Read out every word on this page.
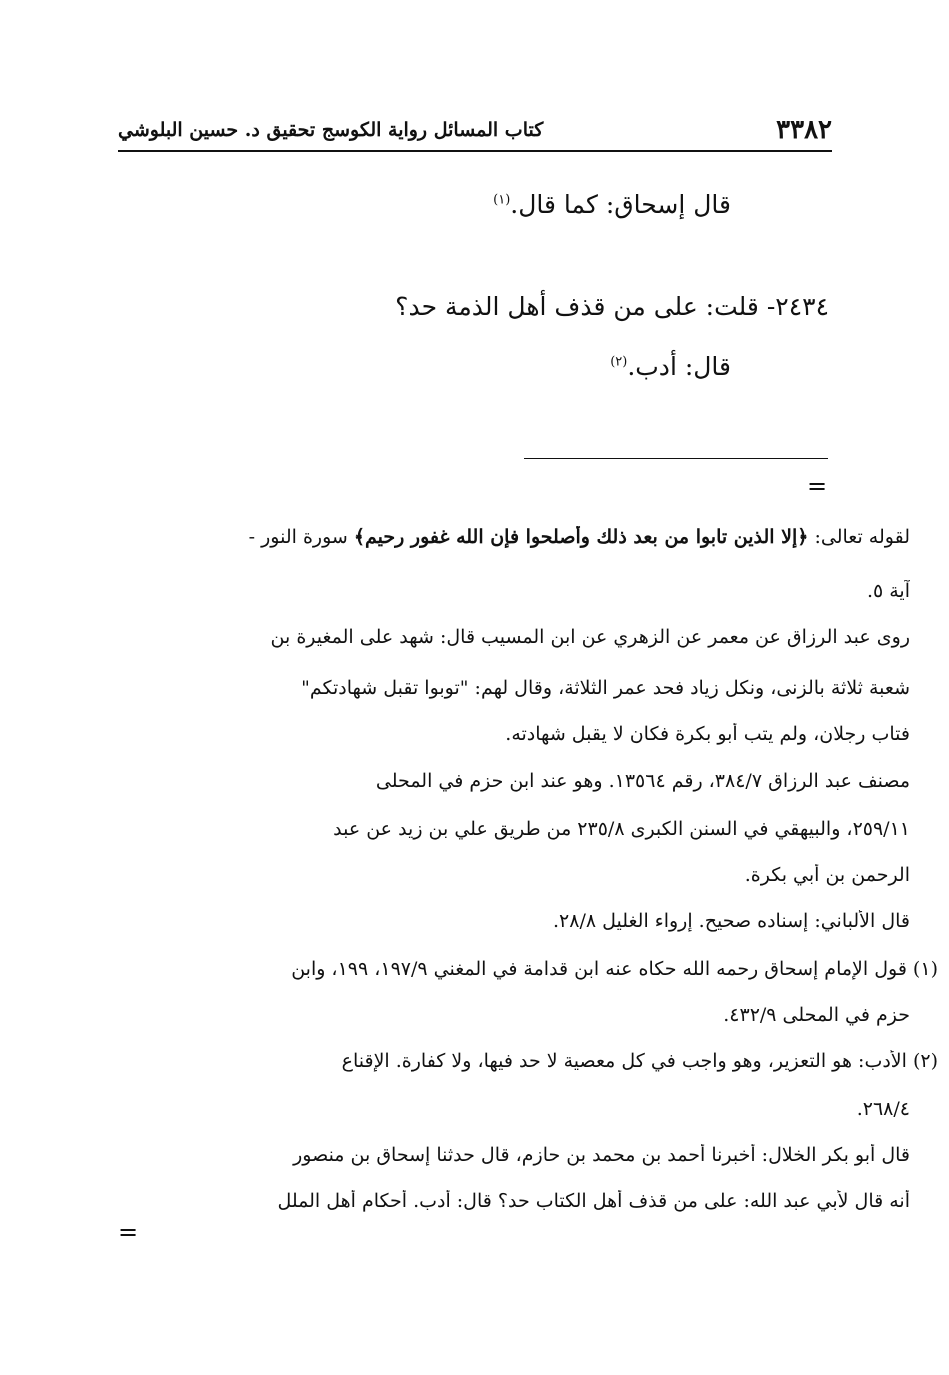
٣٣٨٢
كتاب المسائل رواية الكوسج تحقيق د. حسين البلوشي
قال إسحاق: كما قال.$^{(١)}$
٢٤٣٤- قلت: على من قذف أهل الذمة حد؟
قال: أدب.$^{(٢)}$
=
لقوله تعالى: ﴿إلا الذين تابوا من بعد ذلك وأصلحوا فإن الله غفور رحيم﴾ سورة النور -
آية ٥.
روى عبد الرزاق عن معمر عن الزهري عن ابن المسيب قال: شهد على المغيرة بن
شعبة ثلاثة بالزنى، ونكل زياد فحد عمر الثلاثة، وقال لهم: "توبوا تقبل شهادتكم"
فتاب رجلان، ولم يتب أبو بكرة فكان لا يقبل شهادته.
مصنف عبد الرزاق ٣٨٤/٧، رقم ١٣٥٦٤. وهو عند ابن حزم في المحلى
٢٥٩/١١، والبيهقي في السنن الكبرى ٢٣٥/٨ من طريق علي بن زيد عن عبد
الرحمن بن أبي بكرة.
قال الألباني: إسناده صحيح. إرواء الغليل ٢٨/٨.
(١) قول الإمام إسحاق رحمه الله حكاه عنه ابن قدامة في المغني ١٩٧/٩، ١٩٩، وابن
حزم في المحلى ٤٣٢/٩.
(٢) الأدب: هو التعزير، وهو واجب في كل معصية لا حد فيها، ولا كفارة. الإقناع
٢٦٨/٤.
قال أبو بكر الخلال: أخبرنا أحمد بن محمد بن حازم، قال حدثنا إسحاق بن منصور
أنه قال لأبي عبد الله: على من قذف أهل الكتاب حد؟ قال: أدب. أحكام أهل الملل
=
